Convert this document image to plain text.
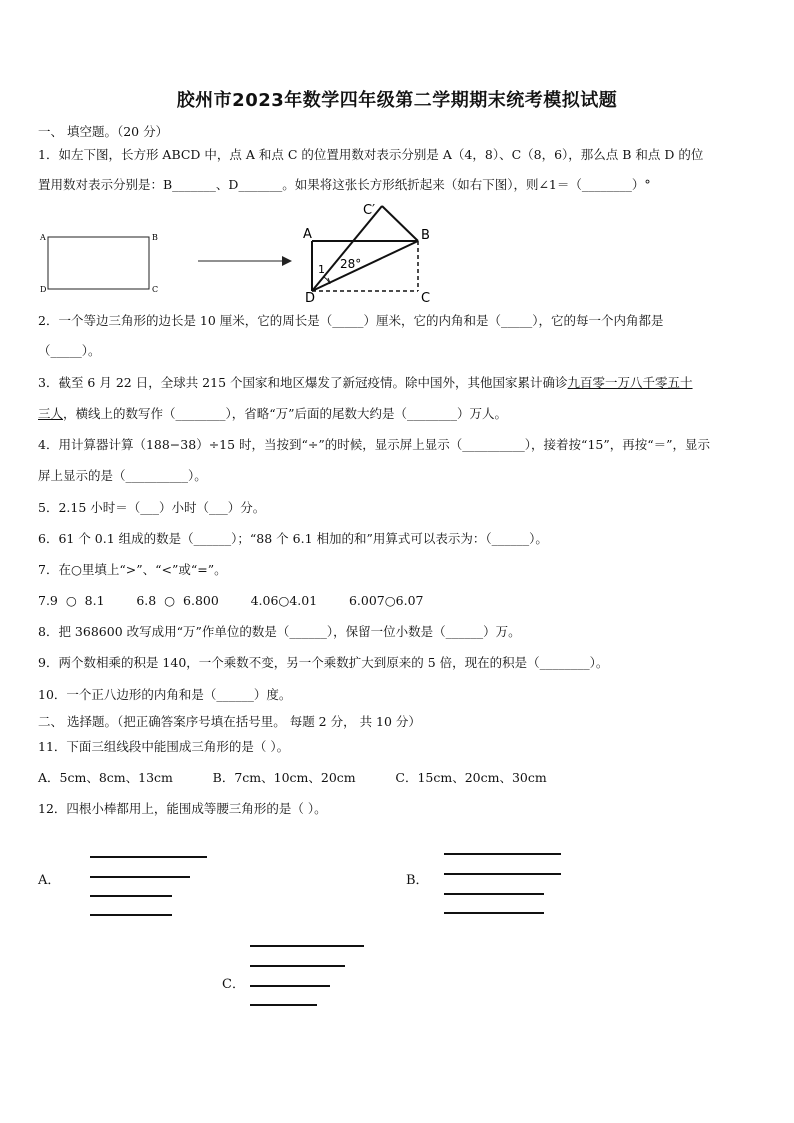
胶州市2023年数学四年级第二学期期末统考模拟试题
一、 填空题。（20 分）
1．如左下图，长方形 ABCD 中，点 A 和点 C 的位置用数对表示分别是 A（4，8）、C（8，6），那么点 B 和点 D 的位
置用数对表示分别是：B_______、D_______。如果将这张长方形纸折起来（如右下图），则∠1＝（________）°
A	B
D	C
A	B
C′
D	C
1 28°
2．一个等边三角形的边长是 10 厘米，它的周长是（_____）厘米，它的内角和是（_____），它的每一个内角都是
（_____）。
3．截至 6 月 22 日，全球共 215 个国家和地区爆发了新冠疫情。除中国外，其他国家累计确诊九百零一万八千零五十
三人，横线上的数写作（________），省略“万”后面的尾数大约是（________）万人。
4．用计算器计算（188−38）÷15 时，当按到“÷”的时候，显示屏上显示（__________），接着按“15”，再按“＝”，显示
屏上显示的是（__________）。
5．2.15 小时＝（___）小时（___）分。
6．61 个 0.1 组成的数是（______）；“88 个 6.1 相加的和”用算式可以表示为：（______）。
7．在○里填上“>”、“<”或“=”。
7.9  ○  8.1        6.8  ○  6.800        4.06○4.01        6.007○6.07
8．把 368600 改写成用“万”作单位的数是（______），保留一位小数是（______）万。
9．两个数相乘的积是 140，一个乘数不变，另一个乘数扩大到原来的 5 倍，现在的积是（________）。
10．一个正八边形的内角和是（______）度。
二、 选择题。（把正确答案序号填在括号里。 每题 2 分， 共 10 分）
11．下面三组线段中能围成三角形的是（ ）。
A．5cm、8cm、13cm          B．7cm、10cm、20cm          C．15cm、20cm、30cm
12．四根小棒都用上，能围成等腰三角形的是（ ）。
A．	B．
C．
